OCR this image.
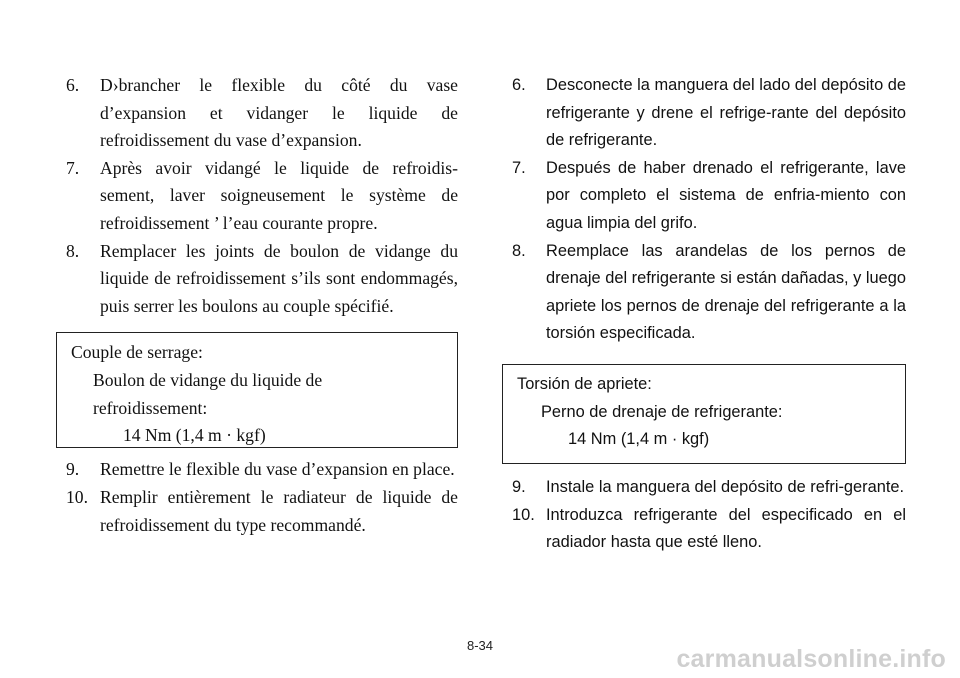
6. D›brancher le flexible du côté du vase d’expansion et vidanger le liquide de refroidissement du vase d’expansion.

7. Après avoir vidangé le liquide de refroidis-sement, laver soigneusement le système de refroidissement ’ l’eau courante propre.

8. Remplacer les joints de boulon de vidange du liquide de refroidissement s’ils sont endommagés, puis serrer les boulons au couple spécifié.

Couple de serrage:
Boulon de vidange du liquide de
refroidissement:
14 Nm (1,4 m · kgf)

9. Remettre le flexible du vase d’expansion en place.

10. Remplir entièrement le radiateur de liquide de refroidissement du type recommandé.

6. Desconecte la manguera del lado del depósito de refrigerante y drene el refrige-rante del depósito de refrigerante.

7. Después de haber drenado el refrigerante, lave por completo el sistema de enfria-miento con agua limpia del grifo.

8. Reemplace las arandelas de los pernos de drenaje del refrigerante si están dañadas, y luego apriete los pernos de drenaje del refrigerante a la torsión especificada.

Torsión de apriete:
Perno de drenaje de refrigerante:
14 Nm (1,4 m · kgf)

9. Instale la manguera del depósito de refri-gerante.

10. Introduzca refrigerante del especificado en el radiador hasta que esté lleno.

8-34	carmanualsonline.info
